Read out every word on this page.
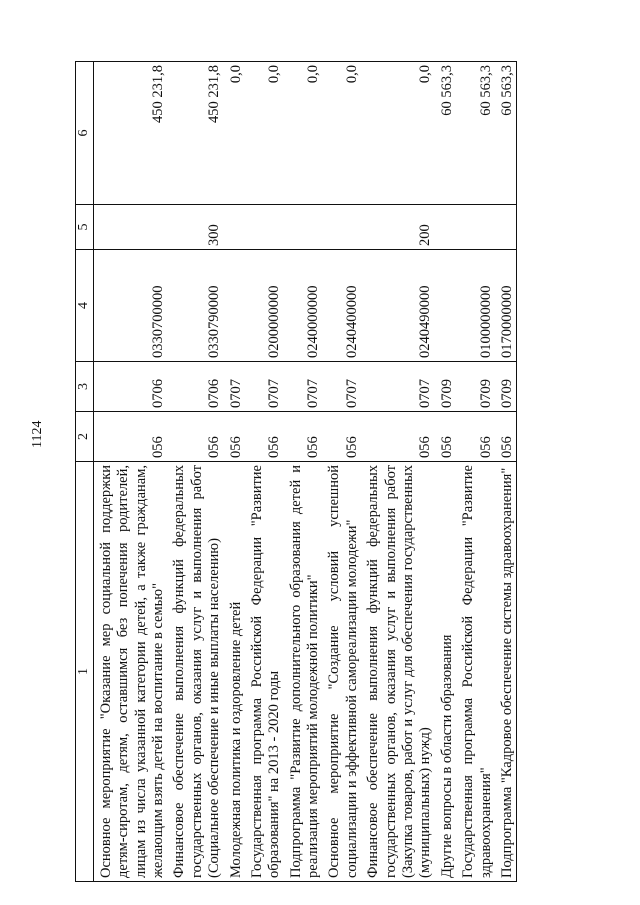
1124
1	2	3	4	5	6
Основное мероприятие "Оказание мер социальной поддержки детям-сиротам, детям, оставшимся без попечения родителей, лицам из числа указанной категории детей, а также гражданам, желающим взять детей на воспитание в семью"	056	0706	0330700000		450 231,8
Финансовое обеспечение выполнения функций федеральных государственных органов, оказания услуг и выполнения работ (Социальное обеспечение и иные выплаты населению)	056	0706	0330790000	300	450 231,8
Молодежная политика и оздоровление детей	056	0707			0,0
Государственная программа Российской Федерации "Развитие образования" на 2013 - 2020 годы	056	0707	0200000000		0,0
Подпрограмма "Развитие дополнительного образования детей и реализация мероприятий молодежной политики"	056	0707	0240000000		0,0
Основное мероприятие "Создание условий успешной социализации и эффективной самореализации молодежи"	056	0707	0240400000		0,0
Финансовое обеспечение выполнения функций федеральных государственных органов, оказания услуг и выполнения работ (Закупка товаров, работ и услуг для обеспечения государственных (муниципальных) нужд)	056	0707	0240490000	200	0,0
Другие вопросы в области образования	056	0709			60 563,3
Государственная программа Российской Федерации "Развитие здравоохранения"	056	0709	0100000000		60 563,3
Подпрограмма "Кадровое обеспечение системы здравоохранения"	056	0709	0170000000		60 563,3
